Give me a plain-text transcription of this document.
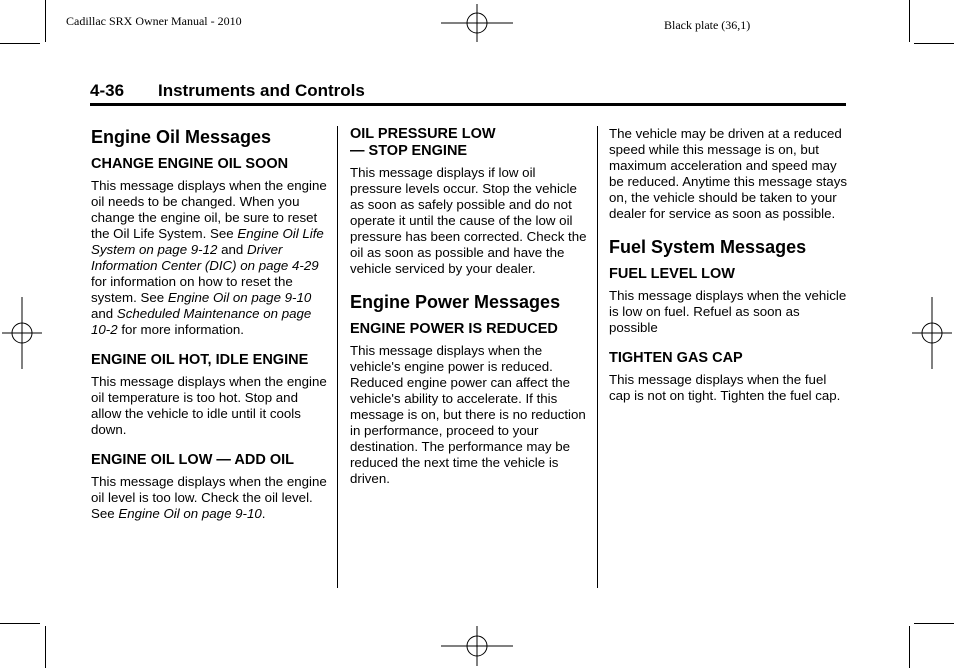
Cadillac SRX Owner Manual - 2010	Black plate (36,1)
4-36 Instruments and Controls
Engine Oil Messages
CHANGE ENGINE OIL SOON

This message displays when the engine oil needs to be changed. When you change the engine oil, be sure to reset the Oil Life System. See Engine Oil Life System on page 9-12 and Driver Information Center (DIC) on page 4-29 for information on how to reset the system. See Engine Oil on page 9-10 and Scheduled Maintenance on page 10-2 for more information.

ENGINE OIL HOT, IDLE ENGINE

This message displays when the engine oil temperature is too hot. Stop and allow the vehicle to idle until it cools down.

ENGINE OIL LOW — ADD OIL

This message displays when the engine oil level is too low. Check the oil level. See Engine Oil on page 9-10.

OIL PRESSURE LOW — STOP ENGINE

This message displays if low oil pressure levels occur. Stop the vehicle as soon as safely possible and do not operate it until the cause of the low oil pressure has been corrected. Check the oil as soon as possible and have the vehicle serviced by your dealer.

Engine Power Messages
ENGINE POWER IS REDUCED

This message displays when the vehicle's engine power is reduced. Reduced engine power can affect the vehicle's ability to accelerate. If this message is on, but there is no reduction in performance, proceed to your destination. The performance may be reduced the next time the vehicle is driven.

The vehicle may be driven at a reduced speed while this message is on, but maximum acceleration and speed may be reduced. Anytime this message stays on, the vehicle should be taken to your dealer for service as soon as possible.

Fuel System Messages
FUEL LEVEL LOW

This message displays when the vehicle is low on fuel. Refuel as soon as possible

TIGHTEN GAS CAP

This message displays when the fuel cap is not on tight. Tighten the fuel cap.
